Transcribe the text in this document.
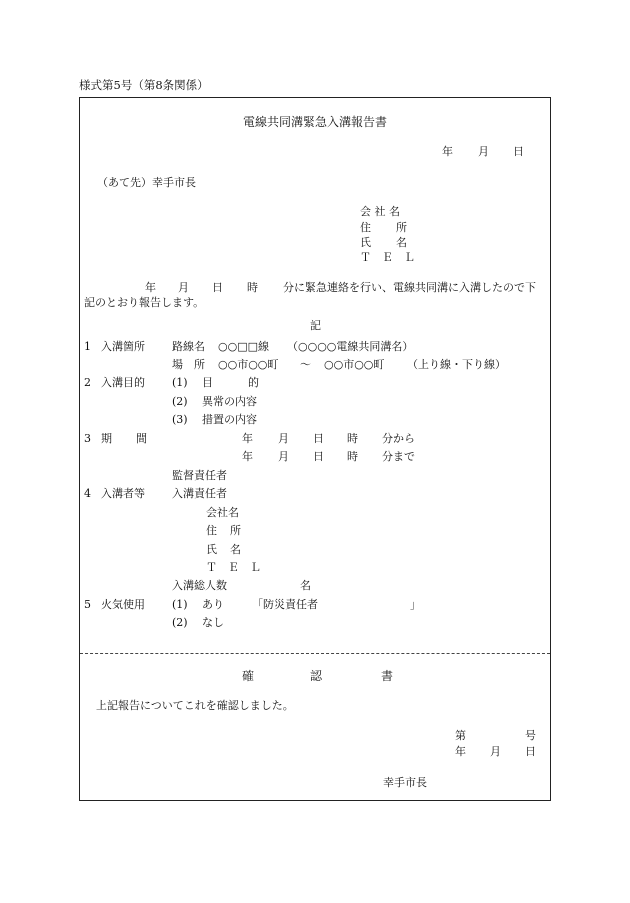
様式第5号（第8条関係）
電線共同溝緊急入溝報告書
年 月 日
（あて先）幸手市長
会 社 名
住 所
氏 名
Ｔ　Ｅ　Ｌ
年 月 日 時 分に緊急連絡を行い、電線共同溝に入溝したので下
記のとおり報告します。
記
1 入溝箇所 路線名 ○○□□線 （○○○○電線共同溝名）
場　所 ○○市○○町 ～ ○○市○○町 （上り線・下り線）
2 入溝目的 (1) 目	的
(2) 異常の内容
(3) 措置の内容
3 期 間	年 月 日 時 分から
年 月 日 時 分まで
監督責任者
4 入溝者等 入溝責任者
会社名
住 所
氏 名
Ｔ　Ｅ　Ｌ
入溝総人数	名
5 火気使用 (1) あり	「防災責任者	」
(2) なし
確	認	書
上記報告についてこれを確認しました。
第	号
年 月 日
幸手市長
